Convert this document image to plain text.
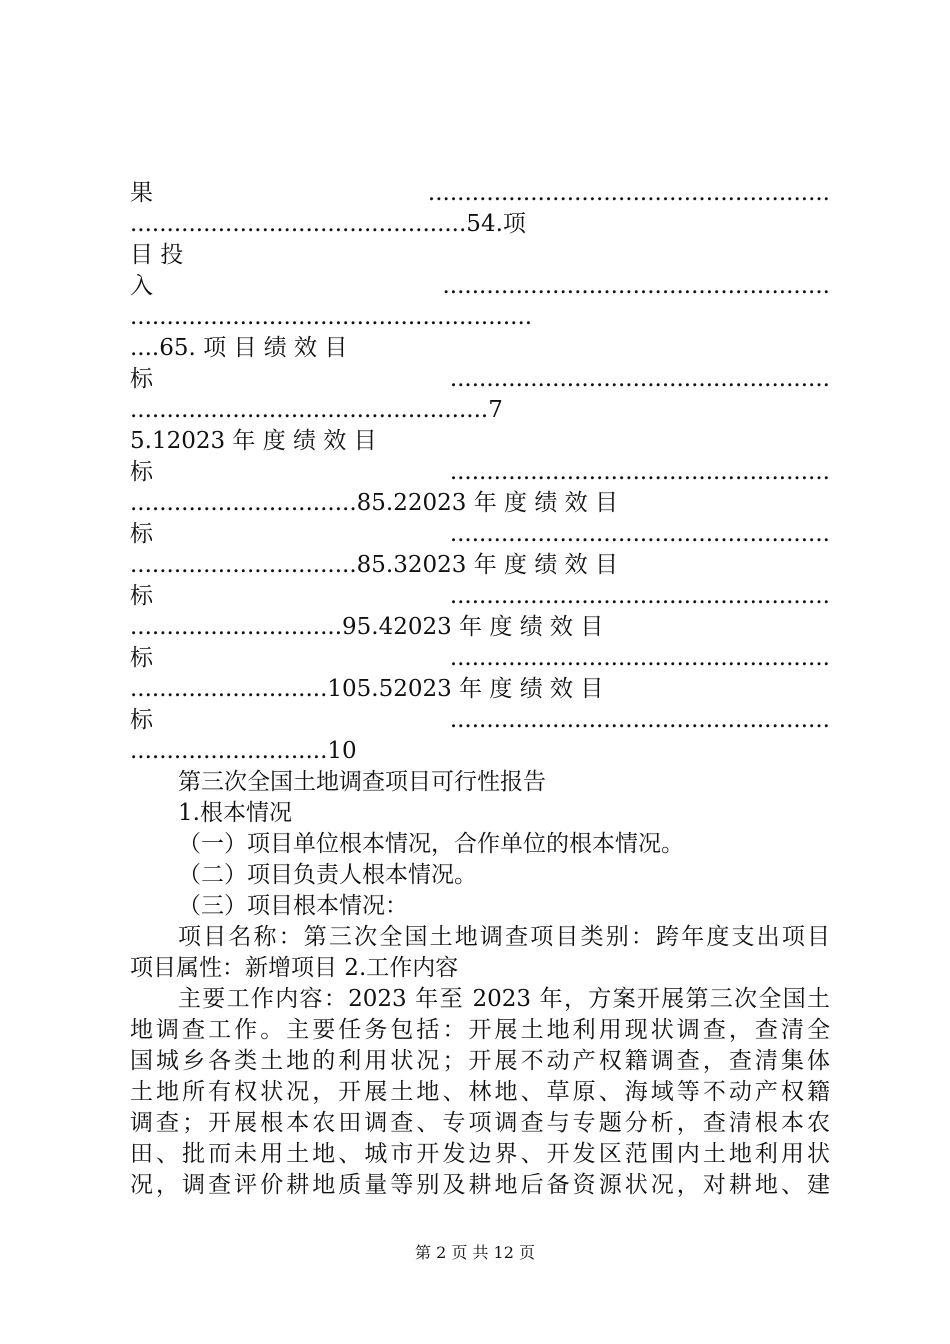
果.......................................................
..............................................54.项
目 投
入.....................................................
.......................................................
....65. 项 目 绩 效 目
标....................................................
.................................................7
5.12023 年 度 绩 效 目
标....................................................
...............................85.22023 年 度 绩 效 目
标....................................................
...............................85.32023 年 度 绩 效 目
标....................................................
.............................95.42023 年 度 绩 效 目
标....................................................
...........................105.52023 年 度 绩 效 目
标....................................................
...........................10
第三次全国土地调查项目可行性报告
1.根本情况
（一）项目单位根本情况，合作单位的根本情况。
（二）项目负责人根本情况。
（三）项目根本情况：
项目名称：第三次全国土地调查项目类别：跨年度支出项目
项目属性：新增项目 2.工作内容
主要工作内容：2023 年至 2023 年，方案开展第三次全国土
地调查工作。主要任务包括：开展土地利用现状调查，查清全
国城乡各类土地的利用状况；开展不动产权籍调查，查清集体
土地所有权状况，开展土地、林地、草原、海域等不动产权籍
调查；开展根本农田调查、专项调查与专题分析，查清根本农
田、批而未用土地、城市开发边界、开发区范围内土地利用状
况，调查评价耕地质量等别及耕地后备资源状况，对耕地、建
第 2 页 共 12 页
